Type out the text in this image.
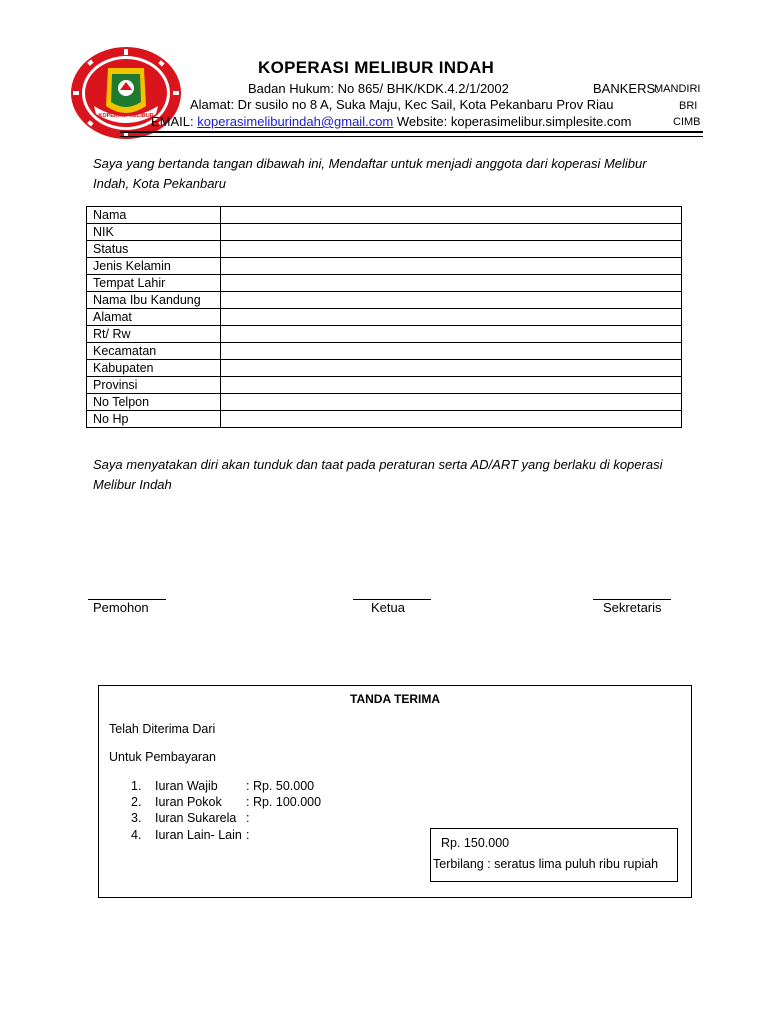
KOPERASI MELIBUR
KOPERASI MELIBUR INDAH
Badan Hukum: No 865/ BHK/KDK.4.2/1/2002
Alamat: Dr susilo no 8 A, Suka Maju, Kec Sail, Kota Pekanbaru Prov Riau
EMAIL: koperasimeliburindah@gmail.com Website: koperasimelibur.simplesite.com
BANKERS:
MANDIRI
BRI
CIMB
Saya yang bertanda tangan dibawah ini, Mendaftar untuk menjadi anggota dari koperasi Melibur Indah, Kota Pekanbaru
Nama	
NIK	
Status	
Jenis Kelamin	
Tempat Lahir	
Nama Ibu Kandung	
Alamat	
Rt/ Rw	
Kecamatan	
Kabupaten	
Provinsi	
No Telpon	
No Hp	
Saya menyatakan diri akan tunduk dan taat pada peraturan serta AD/ART yang berlaku di koperasi Melibur Indah
Pemohon	Ketua	Sekretaris
TANDA TERIMA
Telah Diterima Dari
Untuk Pembayaran
1. Iuran Wajib : Rp. 50.000
2. Iuran Pokok : Rp. 100.000
3. Iuran Sukarela :
4. Iuran Lain- Lain :
Rp. 150.000
Terbilang : seratus lima puluh ribu rupiah
